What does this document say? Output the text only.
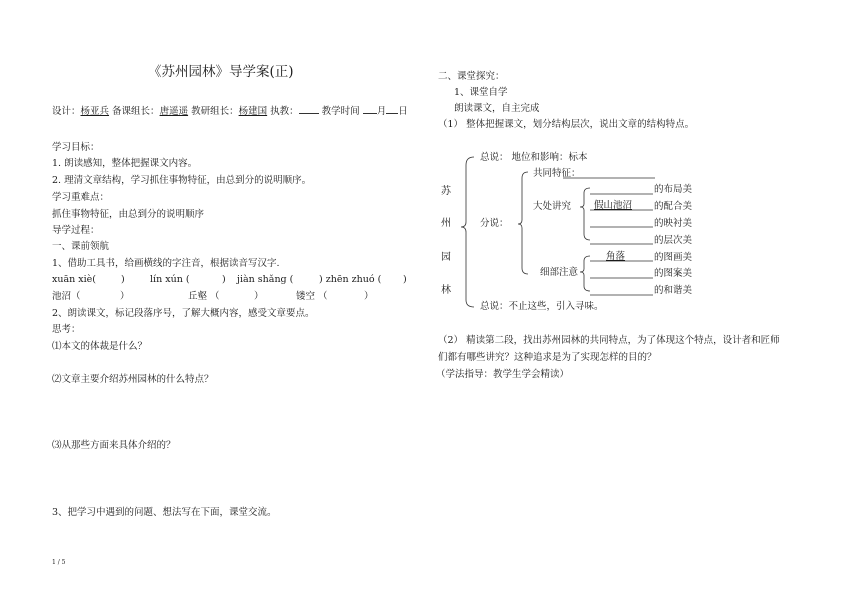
《苏州园林》导学案(正)
设计：杨亚兵 备课组长：唐遥遥 教研组长：杨建国 执教： 教学时间 月 日
学习目标：
1. 朗读感知，整体把握课文内容。
2. 理清文章结构，学习抓住事物特征，由总到分的说明顺序。
学习重难点：
抓住事物特征，由总到分的说明顺序
导学过程：
一、课前领航
1、借助工具书，给画横线的字注音，根据读音写汉字.
xuān xiè(	)	lín xún (	) jiàn shǎng (	) zhēn zhuó ( )
池沼（	）	丘壑 （	）	镂空 （	）
2、朗读课文，标记段落序号，了解大概内容，感受文章要点。
思考：
⑴本文的体裁是什么？
⑵文章主要介绍苏州园林的什么特点？
⑶从那些方面来具体介绍的？
3、把学习中遇到的问题、想法写在下面，课堂交流。
1 / 5
二、课堂探究：
1、课堂自学
朗读课文，自主完成
（1） 整体把握课文，划分结构层次，说出文章的结构特点。
苏
州
园
林
总说： 地位和影响：标本
分说：
共同特征：
大处讲究 假山池沼
的布局美
的配合美
的映衬美
的层次美
细部注意
角落	的图画美
的图案美
的和谐美
总说：不止这些，引入寻味。
（2） 精读第二段，找出苏州园林的共同特点，为了体现这个特点，设计者和匠师
们都有哪些讲究？这种追求是为了实现怎样的目的？
（学法指导：教学生学会精读）
